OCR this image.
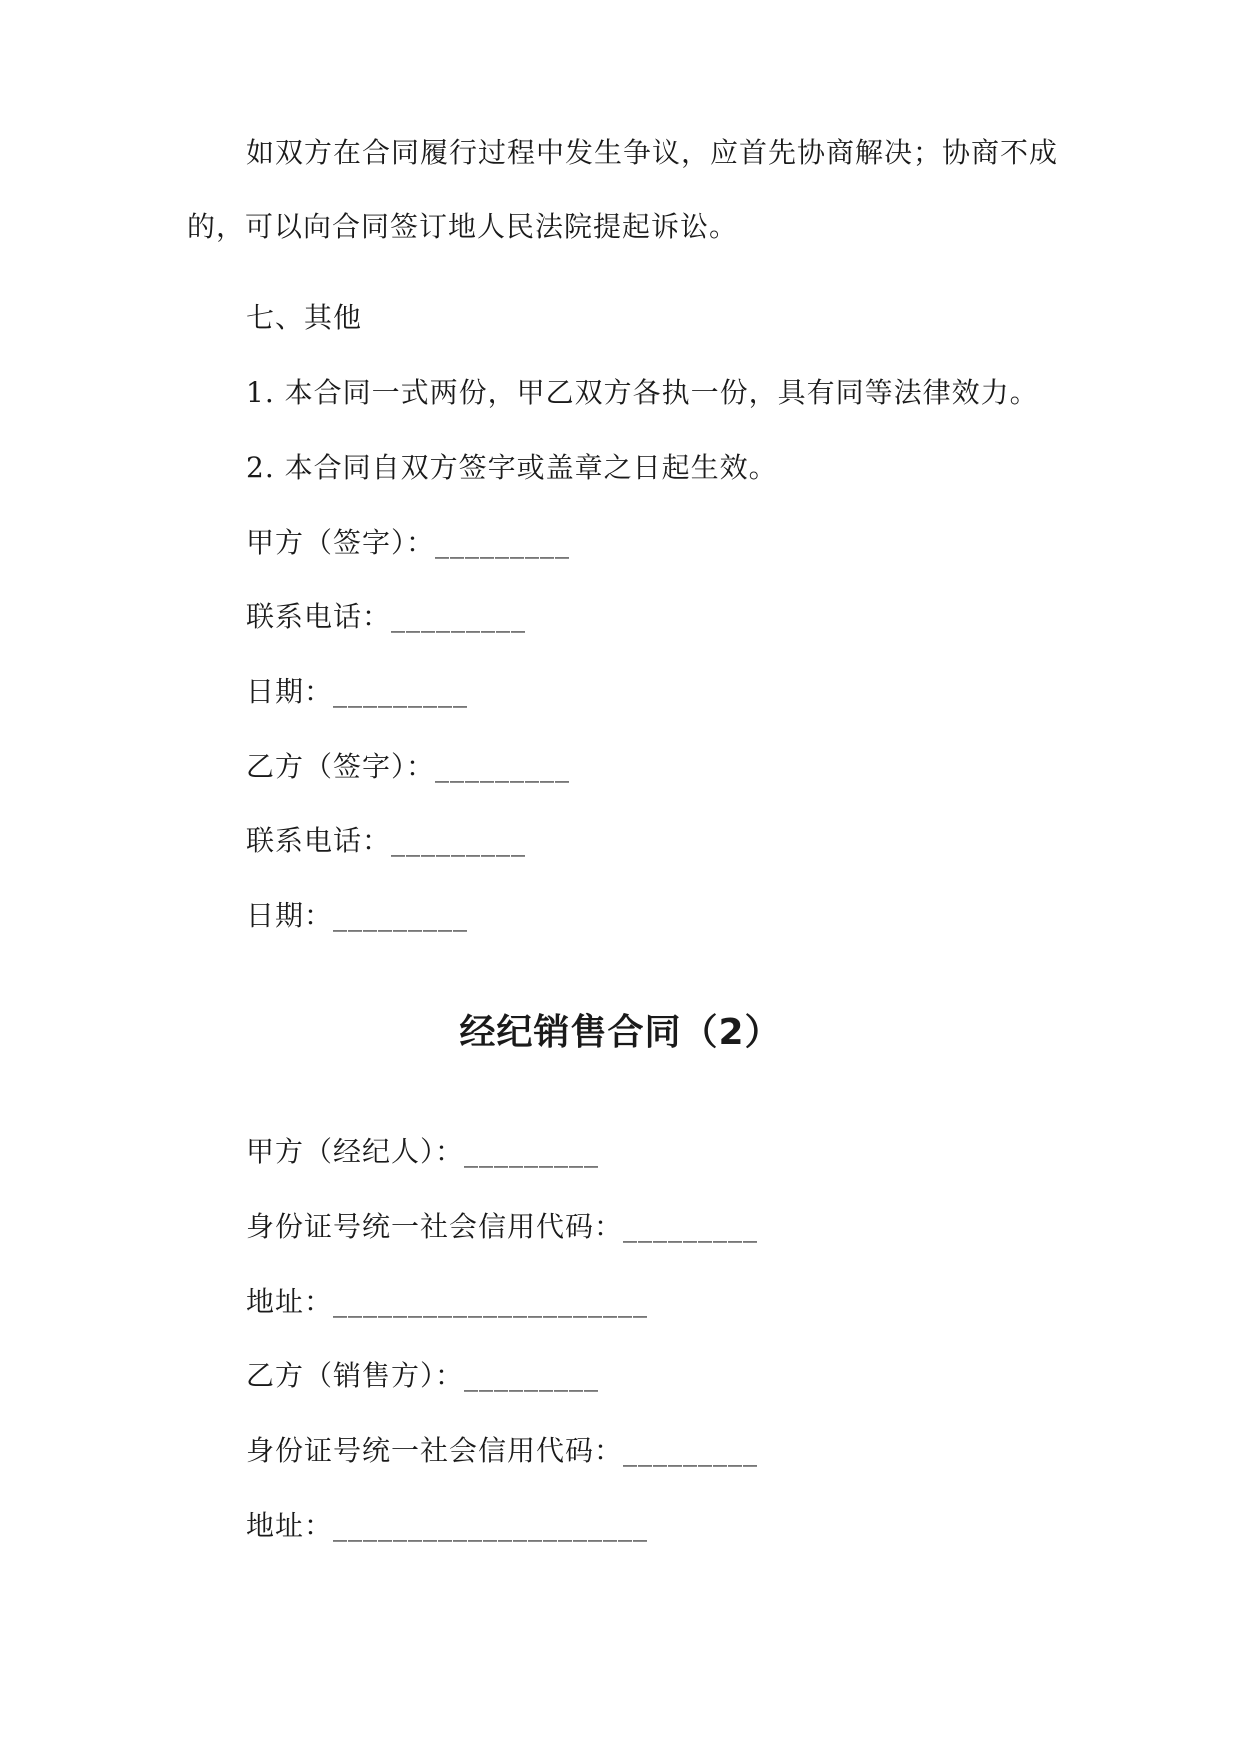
如双方在合同履行过程中发生争议，应首先协商解决；协商不成
的，可以向合同签订地人民法院提起诉讼。
七、其他
1. 本合同一式两份，甲乙双方各执一份，具有同等法律效力。
2. 本合同自双方签字或盖章之日起生效。
甲方（签字）：_________
联系电话：_________
日期：_________
乙方（签字）：_________
联系电话：_________
日期：_________
经纪销售合同（2）
甲方（经纪人）：_________
身份证号统一社会信用代码：_________
地址：_____________________
乙方（销售方）：_________
身份证号统一社会信用代码：_________
地址：_____________________
